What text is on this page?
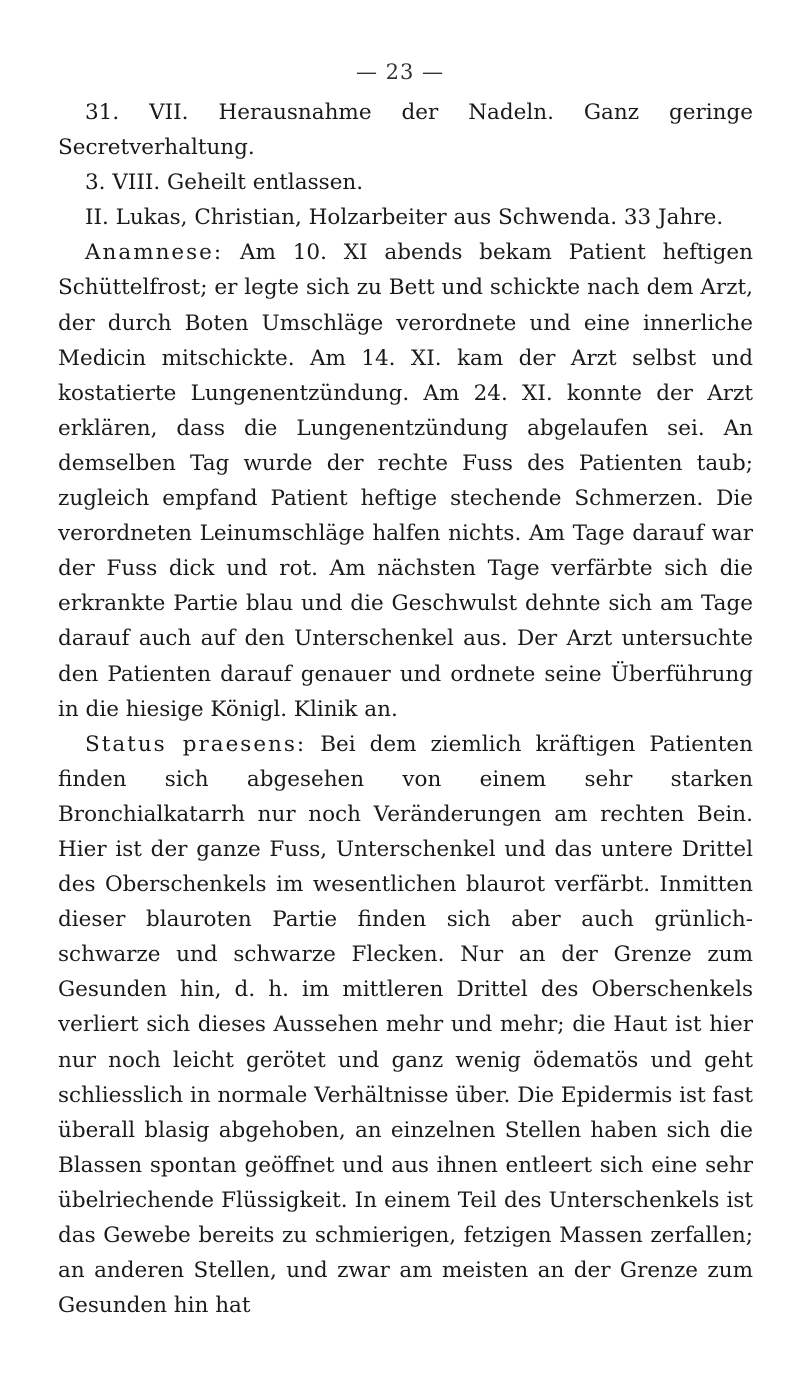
— 23 —

31. VII. Herausnahme der Nadeln. Ganz geringe Secretverhaltung.

3. VIII. Geheilt entlassen.

II. Lukas, Christian, Holzarbeiter aus Schwenda. 33 Jahre.

Anamnese: Am 10. XI abends bekam Patient heftigen Schüttelfrost; er legte sich zu Bett und schickte nach dem Arzt, der durch Boten Umschläge verordnete und eine innerliche Medicin mitschickte. Am 14. XI. kam der Arzt selbst und kostatierte Lungenentzündung. Am 24. XI. konnte der Arzt erklären, dass die Lungenentzündung abgelaufen sei. An demselben Tag wurde der rechte Fuss des Patienten taub; zugleich empfand Patient heftige stechende Schmerzen. Die verordneten Leinumschläge halfen nichts. Am Tage darauf war der Fuss dick und rot. Am nächsten Tage verfärbte sich die erkrankte Partie blau und die Geschwulst dehnte sich am Tage darauf auch auf den Unterschenkel aus. Der Arzt untersuchte den Patienten darauf genauer und ordnete seine Überführung in die hiesige Königl. Klinik an.

Status praesens: Bei dem ziemlich kräftigen Patienten finden sich abgesehen von einem sehr starken Bronchialkatarrh nur noch Veränderungen am rechten Bein. Hier ist der ganze Fuss, Unterschenkel und das untere Drittel des Oberschenkels im wesentlichen blaurot verfärbt. Inmitten dieser blauroten Partie finden sich aber auch grünlich-schwarze und schwarze Flecken. Nur an der Grenze zum Gesunden hin, d. h. im mittleren Drittel des Oberschenkels verliert sich dieses Aussehen mehr und mehr; die Haut ist hier nur noch leicht gerötet und ganz wenig ödematös und geht schliesslich in normale Verhältnisse über. Die Epidermis ist fast überall blasig abgehoben, an einzelnen Stellen haben sich die Blassen spontan geöffnet und aus ihnen entleert sich eine sehr übelriechende Flüssigkeit. In einem Teil des Unterschenkels ist das Gewebe bereits zu schmierigen, fetzigen Massen zerfallen; an anderen Stellen, und zwar am meisten an der Grenze zum Gesunden hin hat
